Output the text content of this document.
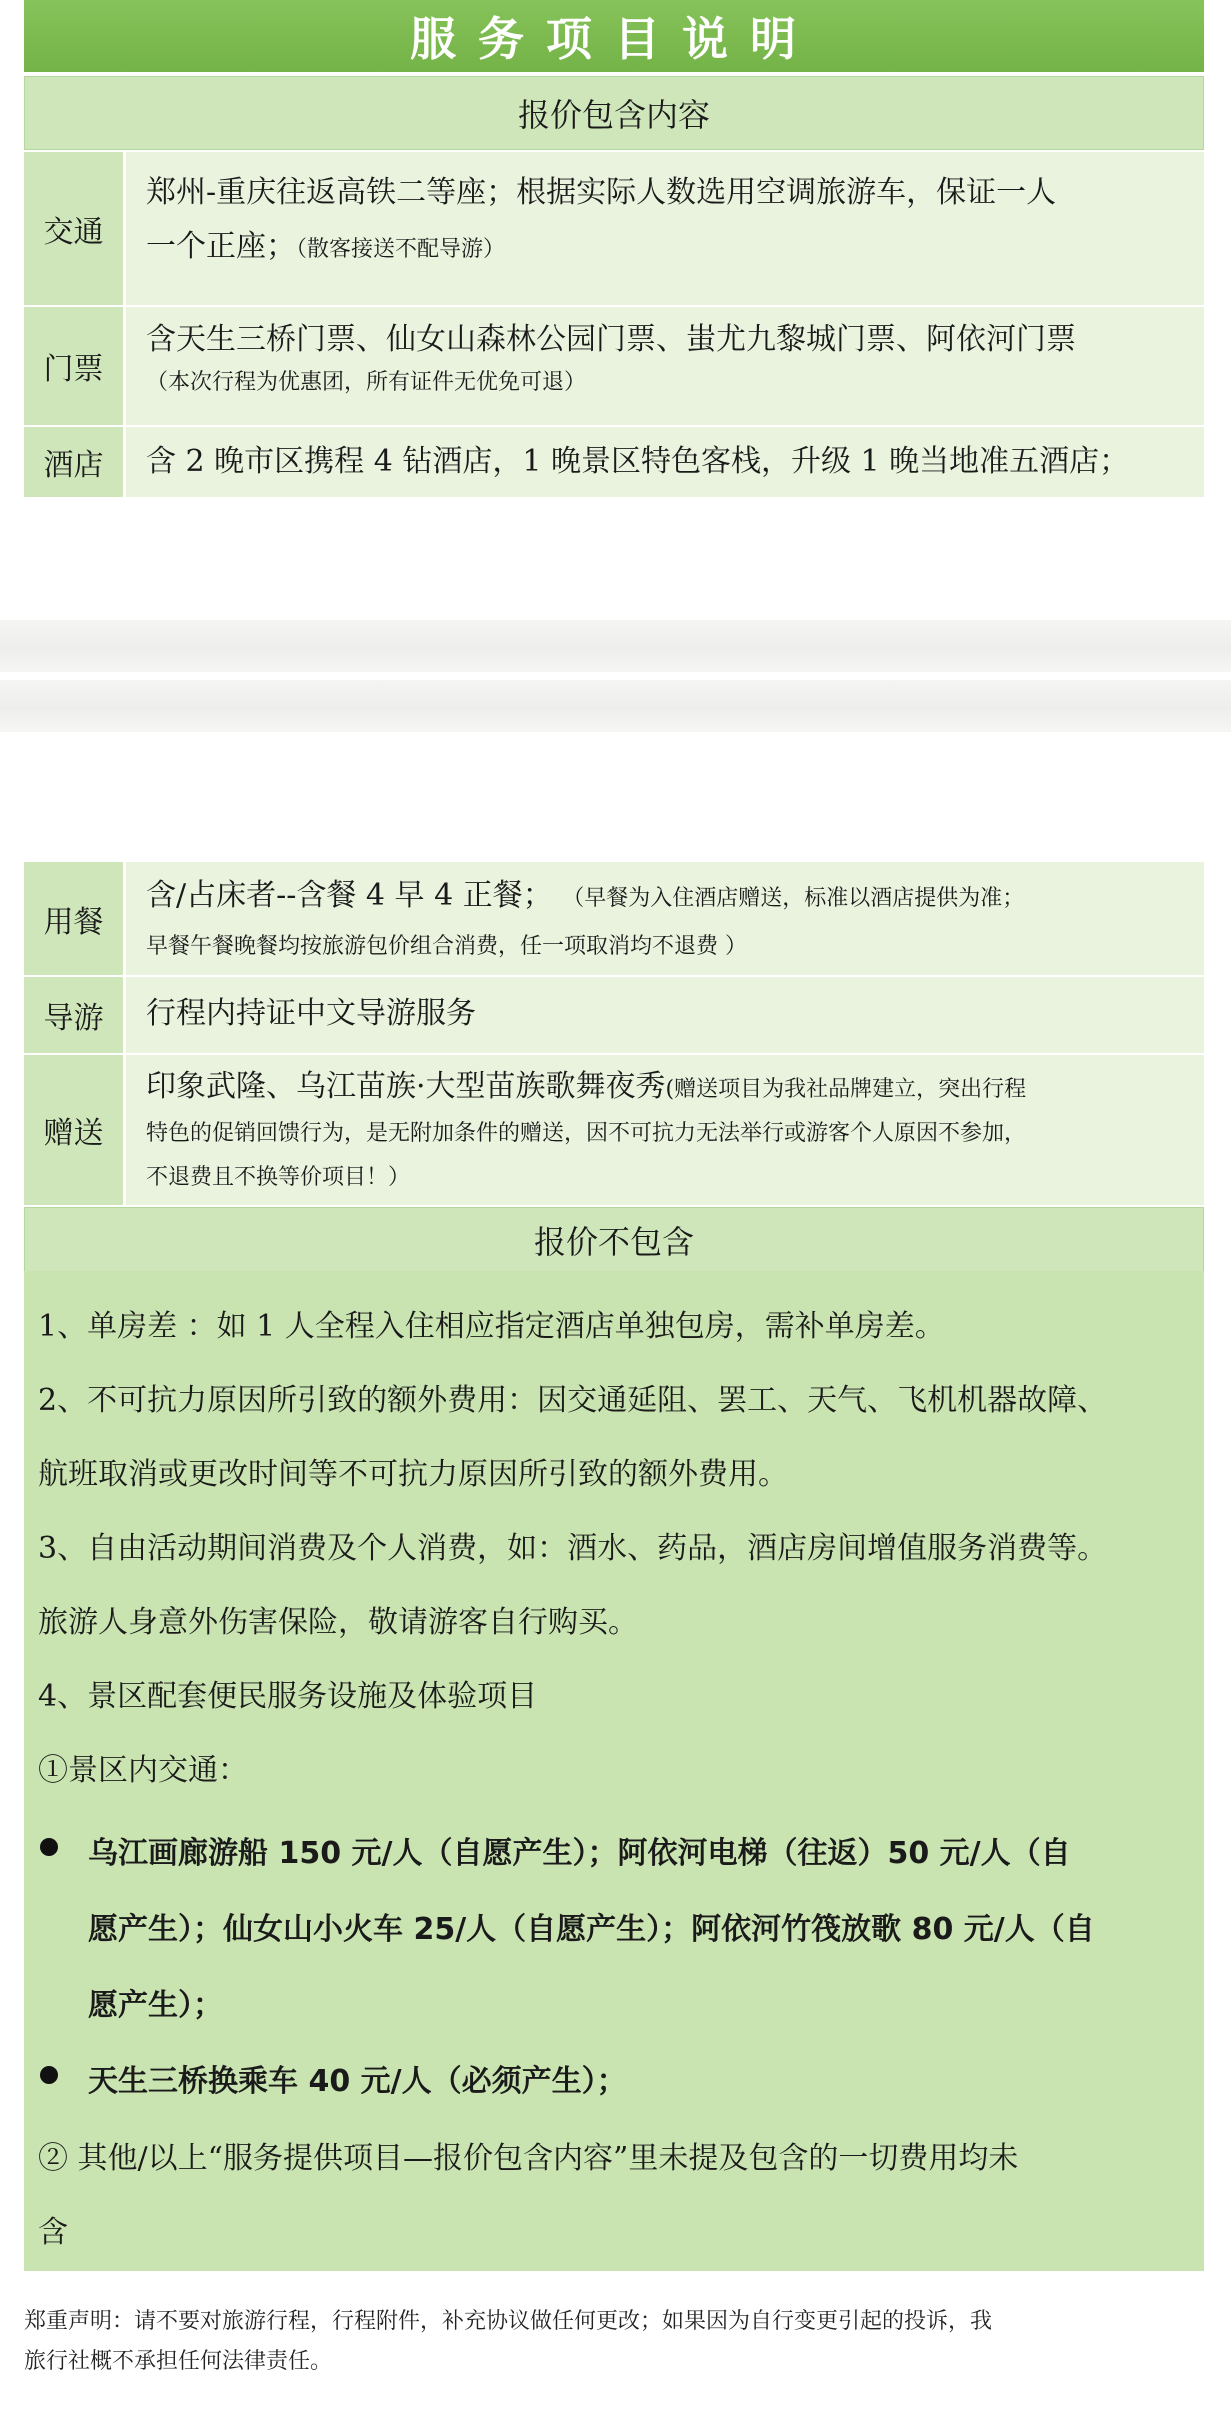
服务项目说明
报价包含内容
交通
郑州-重庆往返高铁二等座；根据实际人数选用空调旅游车，保证一人
一个正座；（散客接送不配导游）
门票
含天生三桥门票、仙女山森林公园门票、蚩尤九黎城门票、阿依河门票
（本次行程为优惠团，所有证件无优免可退）
酒店	含 2 晚市区携程 4 钻酒店，1 晚景区特色客栈，升级 1 晚当地准五酒店；
用餐
含/占床者--含餐 4 早 4 正餐； （早餐为入住酒店赠送，标准以酒店提供为准；
早餐午餐晚餐均按旅游包价组合消费，任一项取消均不退费 ）
导游	行程内持证中文导游服务
赠送
印象武隆、乌江苗族·大型苗族歌舞夜秀(赠送项目为我社品牌建立，突出行程
特色的促销回馈行为，是无附加条件的赠送，因不可抗力无法举行或游客个人原因不参加，
不退费且不换等价项目！）
报价不包含
1、单房差 ：如 1 人全程入住相应指定酒店单独包房，需补单房差。
2、不可抗力原因所引致的额外费用：因交通延阻、罢工、天气、飞机机器故障、
航班取消或更改时间等不可抗力原因所引致的额外费用。
3、自由活动期间消费及个人消费，如：酒水、药品，酒店房间增值服务消费等。
旅游人身意外伤害保险，敬请游客自行购买。
4、景区配套便民服务设施及体验项目
①景区内交通：
乌江画廊游船 150 元/人（自愿产生）；阿依河电梯（往返）50 元/人（自
愿产生）；仙女山小火车 25/人（自愿产生）；阿依河竹筏放歌 80 元/人（自
愿产生）；
天生三桥换乘车 40 元/人（必须产生）；
② 其他/以上“服务提供项目—报价包含内容”里未提及包含的一切费用均未
含
郑重声明：请不要对旅游行程，行程附件，补充协议做任何更改；如果因为自行变更引起的投诉，我
旅行社概不承担任何法律责任。
